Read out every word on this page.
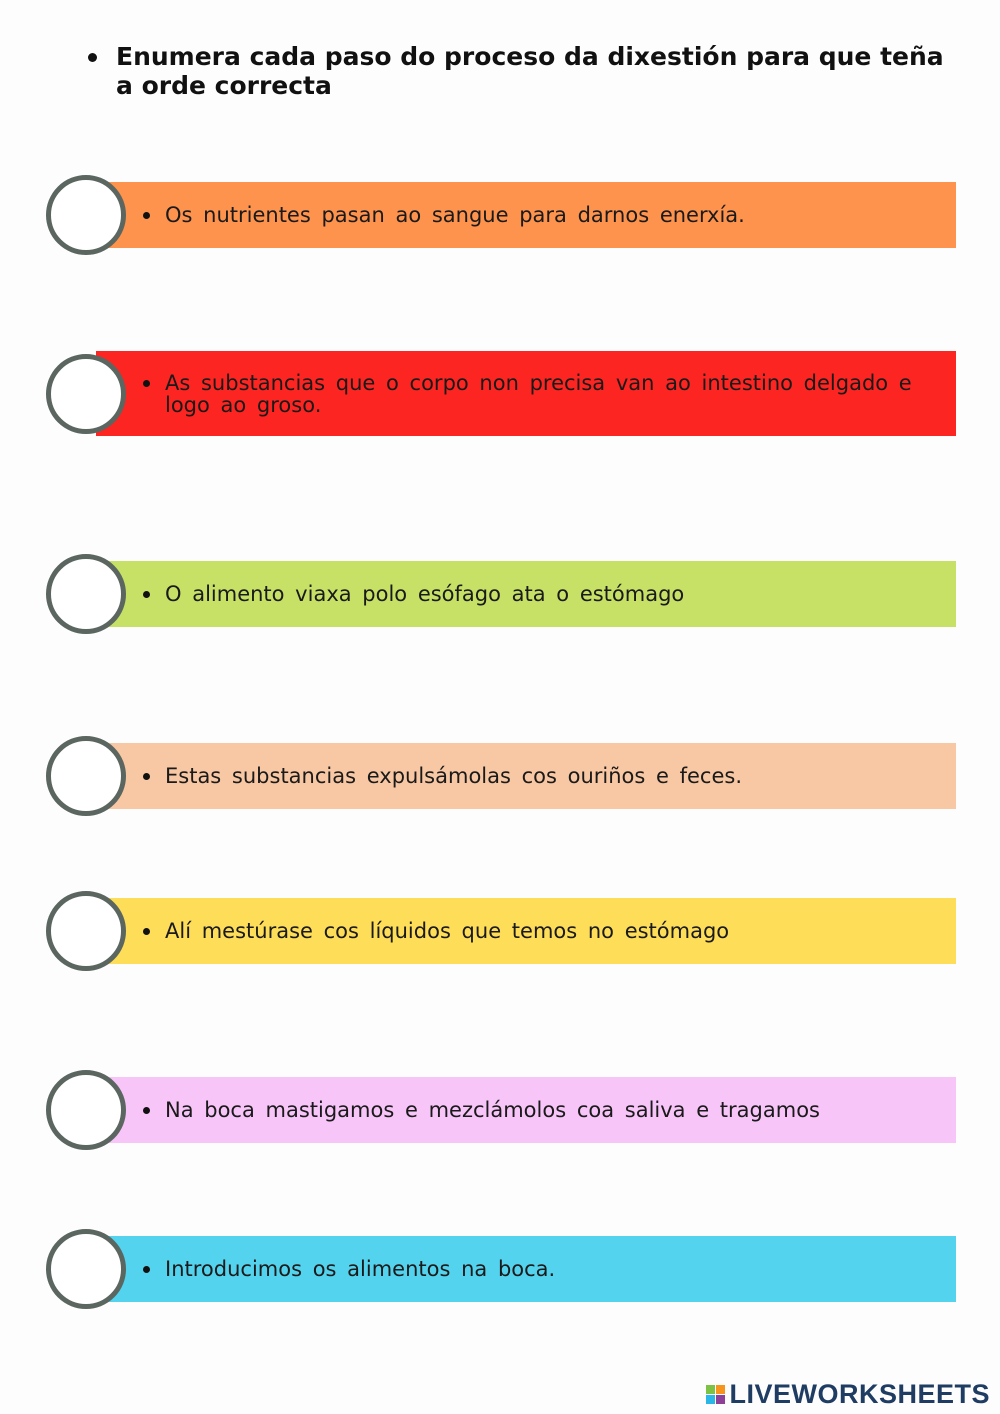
Enumera cada paso do proceso da dixestión para que teña a orde correcta
Os nutrientes pasan ao sangue para darnos enerxía.
As substancias que o corpo non precisa van ao intestino delgado e logo ao groso.
O alimento viaxa polo esófago ata o estómago
Estas substancias expulsámolas cos ouriños e feces.
Alí mestúrase cos líquidos que temos no estómago
Na boca mastigamos e mezclámolos coa saliva e tragamos
Introducimos os alimentos na boca.
LIVEWORKSHEETS
